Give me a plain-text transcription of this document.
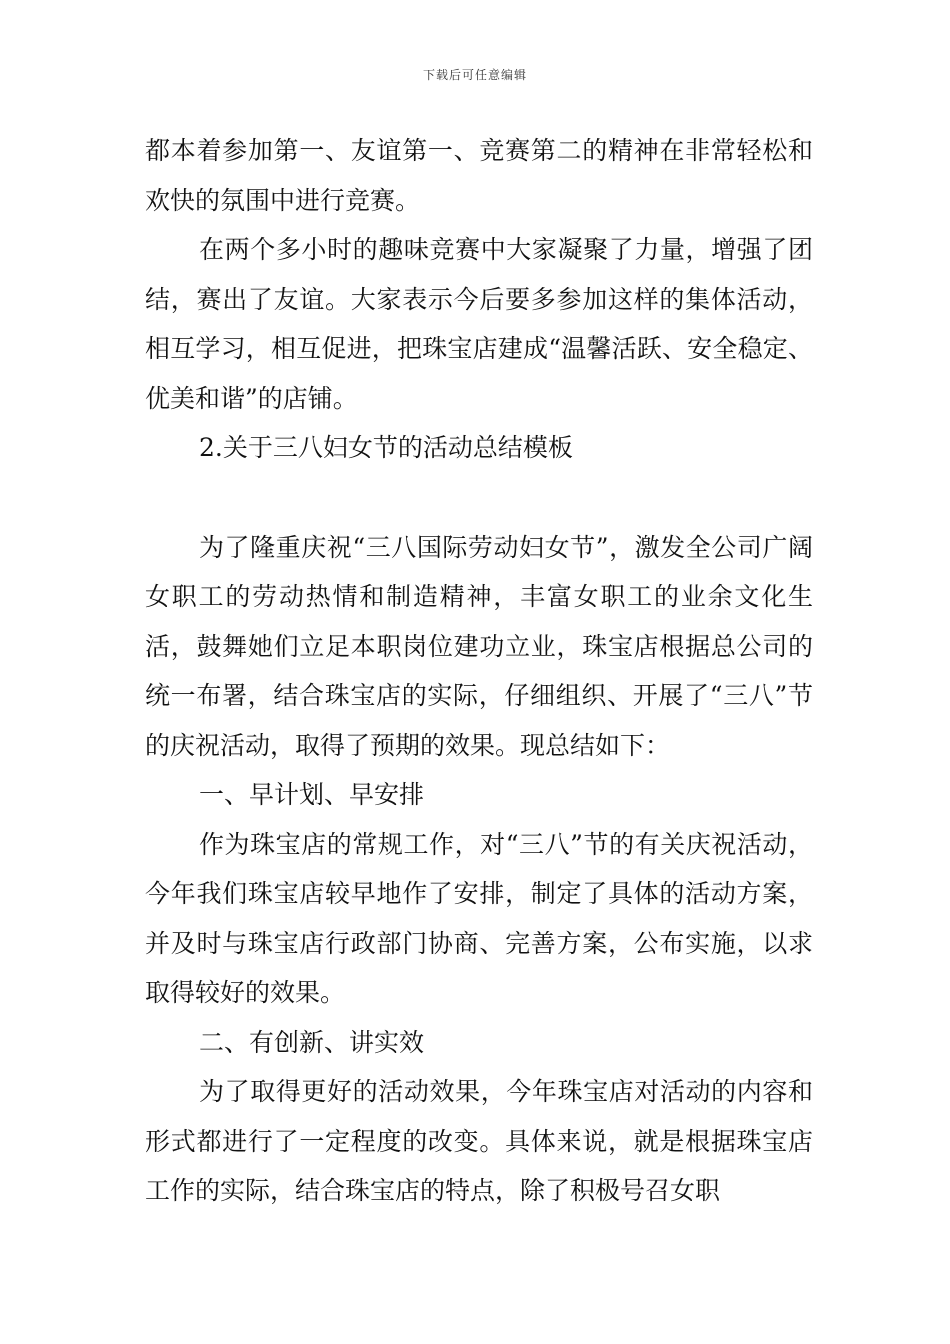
下载后可任意编辑

都本着参加第一、友谊第一、竞赛第二的精神在非常轻松和欢快的氛围中进行竞赛。

在两个多小时的趣味竞赛中大家凝聚了力量，增强了团结，赛出了友谊。大家表示今后要多参加这样的集体活动，相互学习，相互促进，把珠宝店建成“温馨活跃、安全稳定、优美和谐”的店铺。

2.关于三八妇女节的活动总结模板

为了隆重庆祝“三八国际劳动妇女节”，激发全公司广阔女职工的劳动热情和制造精神，丰富女职工的业余文化生活，鼓舞她们立足本职岗位建功立业，珠宝店根据总公司的统一布署，结合珠宝店的实际，仔细组织、开展了“三八”节的庆祝活动，取得了预期的效果。现总结如下：

一、早计划、早安排

作为珠宝店的常规工作，对“三八”节的有关庆祝活动，今年我们珠宝店较早地作了安排，制定了具体的活动方案，并及时与珠宝店行政部门协商、完善方案，公布实施，以求取得较好的效果。

二、有创新、讲实效

为了取得更好的活动效果，今年珠宝店对活动的内容和形式都进行了一定程度的改变。具体来说，就是根据珠宝店工作的实际，结合珠宝店的特点，除了积极号召女职
